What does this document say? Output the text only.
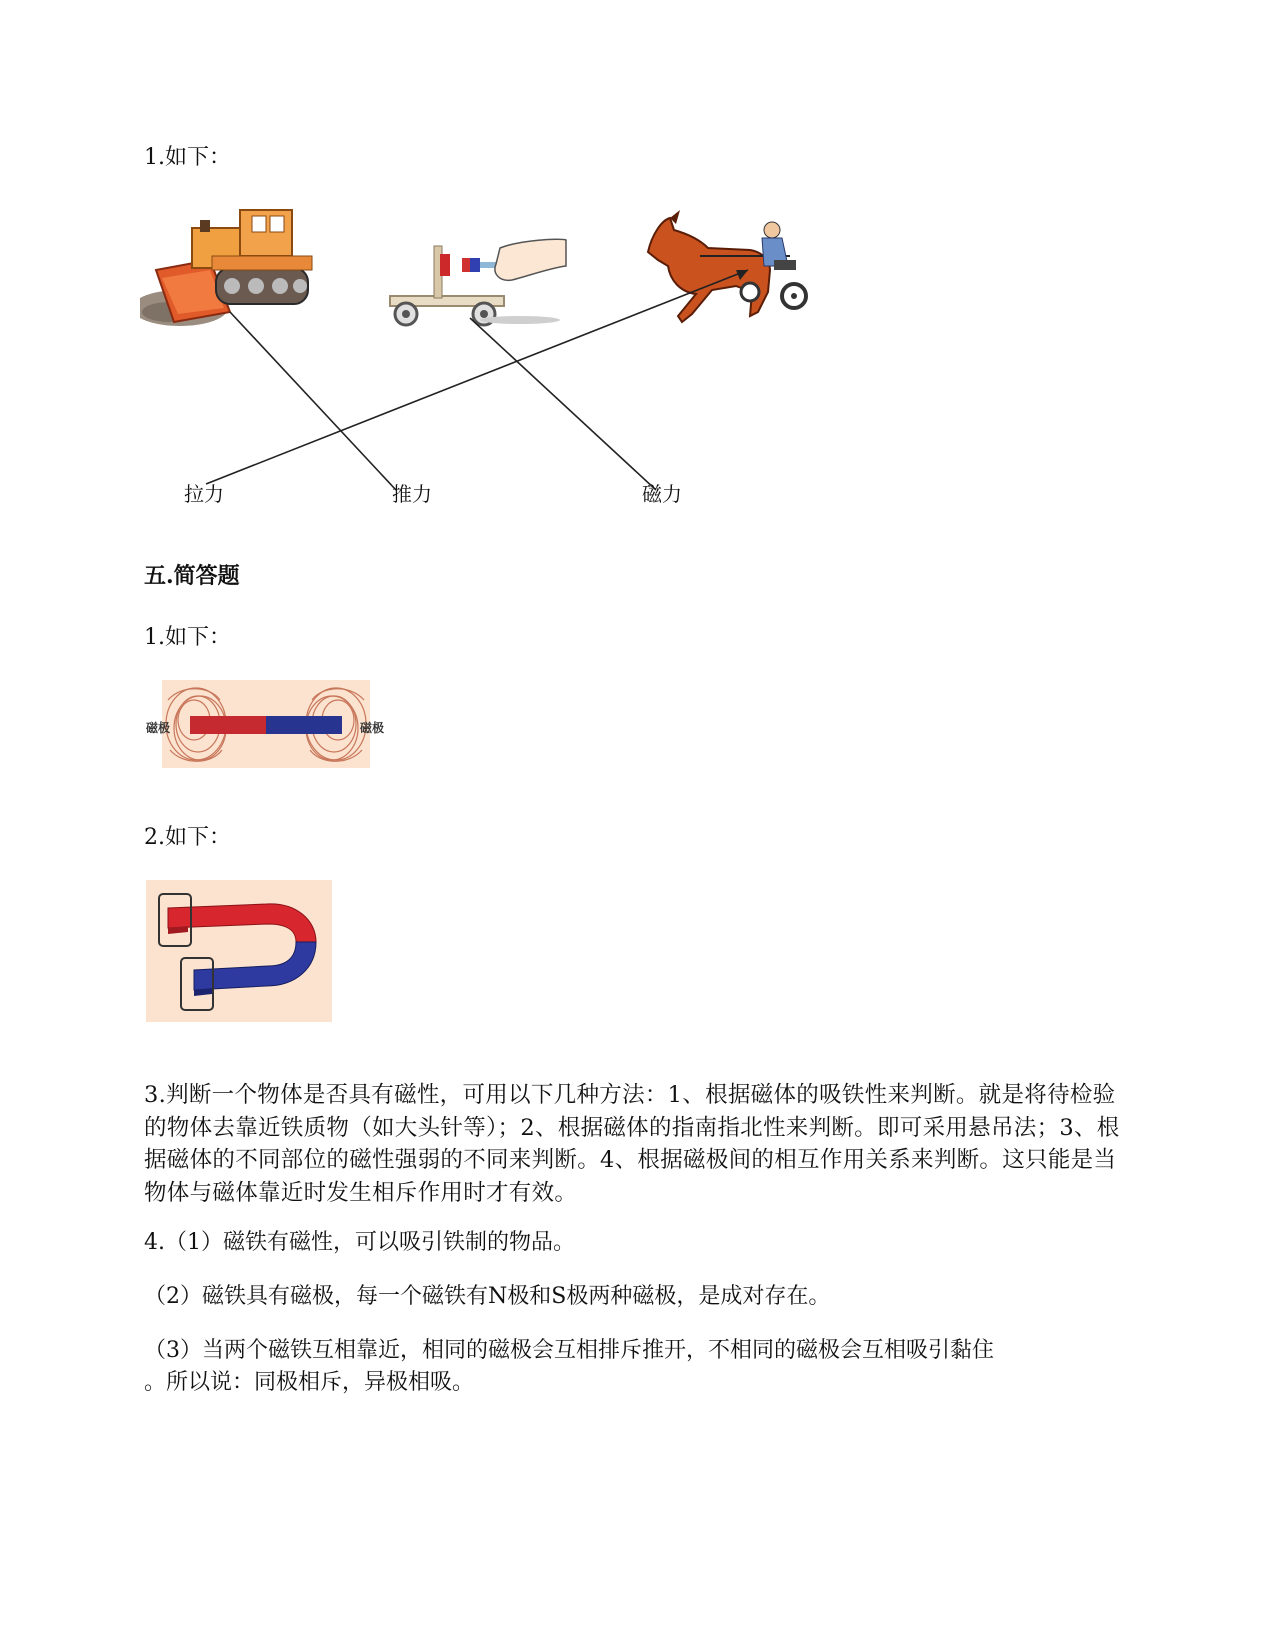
1.如下：
拉力	推力	磁力
五.简答题
1.如下：
磁极	磁极
2.如下：
3.判断一个物体是否具有磁性，可用以下几种方法：1、根据磁体的吸铁性来判断。就是将待检验的物体去靠近铁质物（如大头针等）；2、根据磁体的指南指北性来判断。即可采用悬吊法；3、根据磁体的不同部位的磁性强弱的不同来判断。4、根据磁极间的相互作用关系来判断。这只能是当物体与磁体靠近时发生相斥作用时才有效。
4.（1）磁铁有磁性，可以吸引铁制的物品。
（2）磁铁具有磁极，每一个磁铁有N极和S极两种磁极，是成对存在。
（3）当两个磁铁互相靠近，相同的磁极会互相排斥推开，不相同的磁极会互相吸引黏住
。所以说：同极相斥，异极相吸。
